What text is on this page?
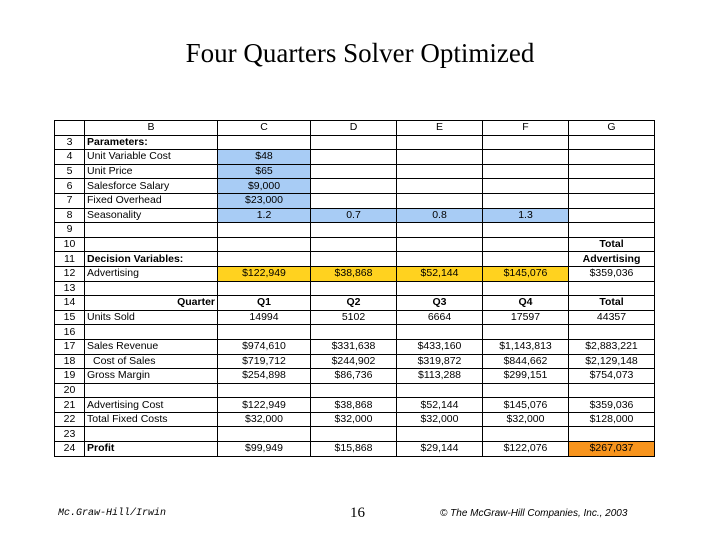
Four Quarters Solver Optimized
	B	C	D	E	F	G
3	Parameters:					
4	Unit Variable Cost	$48				
5	Unit Price	$65				
6	Salesforce Salary	$9,000				
7	Fixed Overhead	$23,000				
8	Seasonality	1.2	0.7	0.8	1.3	
9						
10						Total
11	Decision Variables:					Advertising
12	Advertising	$122,949	$38,868	$52,144	$145,076	$359,036
13						
14	Quarter	Q1	Q2	Q3	Q4	Total
15	Units Sold	14994	5102	6664	17597	44357
16						
17	Sales Revenue	$974,610	$331,638	$433,160	$1,143,813	$2,883,221
18	Cost of Sales	$719,712	$244,902	$319,872	$844,662	$2,129,148
19	Gross Margin	$254,898	$86,736	$113,288	$299,151	$754,073
20						
21	Advertising Cost	$122,949	$38,868	$52,144	$145,076	$359,036
22	Total Fixed Costs	$32,000	$32,000	$32,000	$32,000	$128,000
23						
24	Profit	$99,949	$15,868	$29,144	$122,076	$267,037
Mc.Graw-Hill/Irwin	16	© The McGraw-Hill Companies, Inc., 2003
